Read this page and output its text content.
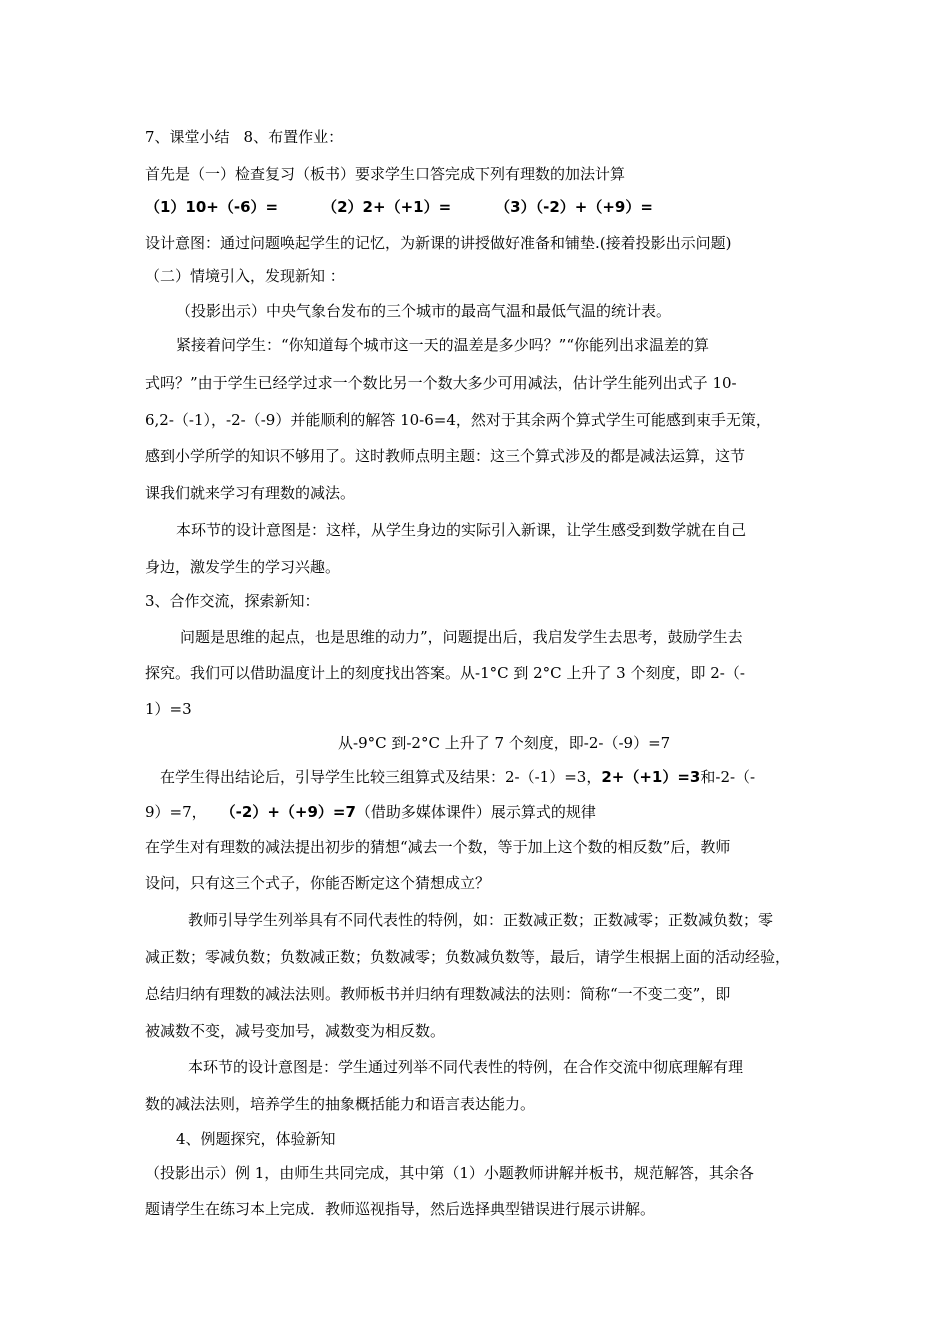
7、课堂小结 8、布置作业：
首先是（一）检查复习（板书）要求学生口答完成下列有理数的加法计算
（1）10+（-6）=	（2）2+（+1）=	（3）（-2）+（+9）=
设计意图：通过问题唤起学生的记忆，为新课的讲授做好准备和铺垫.(接着投影出示问题)
（二）情境引入，发现新知 ：
（投影出示）中央气象台发布的三个城市的最高气温和最低气温的统计表。
紧接着问学生：“你知道每个城市这一天的温差是多少吗？”“你能列出求温差的算
式吗？”由于学生已经学过求一个数比另一个数大多少可用减法，估计学生能列出式子 10-
6,2-（-1），-2-（-9）并能顺利的解答 10-6=4，然对于其余两个算式学生可能感到束手无策，
感到小学所学的知识不够用了。这时教师点明主题：这三个算式涉及的都是减法运算，这节
课我们就来学习有理数的减法。
本环节的设计意图是：这样，从学生身边的实际引入新课，让学生感受到数学就在自己
身边，激发学生的学习兴趣。
3、合作交流，探索新知：
问题是思维的起点，也是思维的动力”，问题提出后，我启发学生去思考，鼓励学生去
探究。我们可以借助温度计上的刻度找出答案。从-1°C 到 2°C 上升了 3 个刻度，即 2-（-
1）=3
从-9°C 到-2°C 上升了 7 个刻度，即-2-（-9）=7
在学生得出结论后，引导学生比较三组算式及结果：2-（-1）=3，2+（+1）=3和-2-（-
9）=7， （-2）+（+9）=7（借助多媒体课件）展示算式的规律
在学生对有理数的减法提出初步的猜想“减去一个数，等于加上这个数的相反数”后，教师
设问，只有这三个式子，你能否断定这个猜想成立？
教师引导学生列举具有不同代表性的特例，如：正数减正数；正数减零；正数减负数；零
减正数；零减负数；负数减正数；负数减零；负数减负数等，最后，请学生根据上面的活动经验，
总结归纳有理数的减法法则。教师板书并归纳有理数减法的法则：简称“一不变二变”，即
被减数不变，减号变加号，减数变为相反数。
本环节的设计意图是：学生通过列举不同代表性的特例，在合作交流中彻底理解有理
数的减法法则，培养学生的抽象概括能力和语言表达能力。
4、例题探究，体验新知
（投影出示）例 1，由师生共同完成，其中第（1）小题教师讲解并板书，规范解答，其余各
题请学生在练习本上完成．教师巡视指导，然后选择典型错误进行展示讲解。
